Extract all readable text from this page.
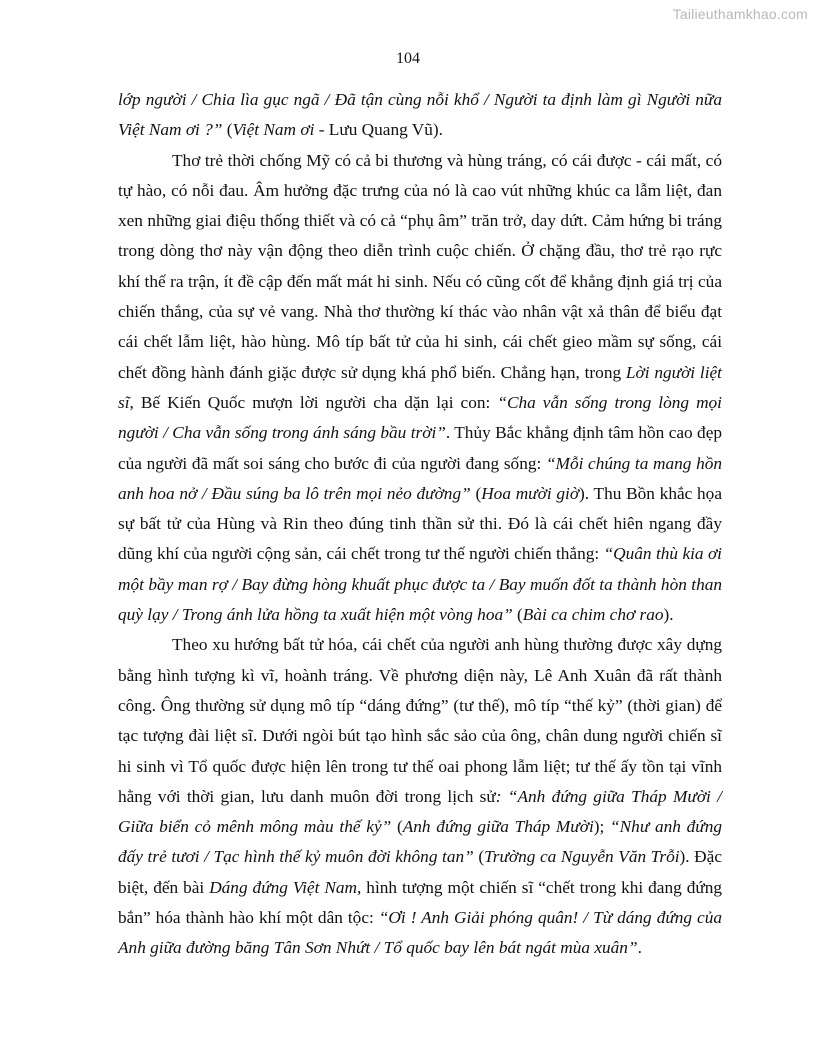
Tailieuthamkhao.com
104

lớp người / Chia lìa gục ngã / Đã tận cùng nỗi khổ / Người ta định làm gì Người nữa Việt Nam ơi ?” (Việt Nam ơi - Lưu Quang Vũ).

Thơ trẻ thời chống Mỹ có cả bi thương và hùng tráng, có cái được - cái mất, có tự hào, có nỗi đau. Âm hưởng đặc trưng của nó là cao vút những khúc ca lẫm liệt, đan xen những giai điệu thống thiết và có cả “phụ âm” trăn trở, day dứt. Cảm hứng bi tráng trong dòng thơ này vận động theo diễn trình cuộc chiến. Ở chặng đầu, thơ trẻ rạo rực khí thế ra trận, ít đề cập đến mất mát hi sinh. Nếu có cũng cốt để khẳng định giá trị của chiến thắng, của sự vẻ vang. Nhà thơ thường kí thác vào nhân vật xả thân để biểu đạt cái chết lẫm liệt, hào hùng. Mô típ bất tử của hi sinh, cái chết gieo mầm sự sống, cái chết đồng hành đánh giặc được sử dụng khá phổ biến. Chẳng hạn, trong Lời người liệt sĩ, Bế Kiến Quốc mượn lời người cha dặn lại con: “Cha vẫn sống trong lòng mọi người / Cha vẫn sống trong ánh sáng bầu trời”. Thủy Bắc khẳng định tâm hồn cao đẹp của người đã mất soi sáng cho bước đi của người đang sống: “Mỗi chúng ta mang hồn anh hoa nở / Đầu súng ba lô trên mọi nẻo đường” (Hoa mười giờ). Thu Bồn khắc họa sự bất tử của Hùng và Rin theo đúng tinh thần sử thi. Đó là cái chết hiên ngang đầy dũng khí của người cộng sản, cái chết trong tư thế người chiến thắng: “Quân thù kia ơi một bầy man rợ / Bay đừng hòng khuất phục được ta / Bay muốn đốt ta thành hòn than quỳ lạy / Trong ánh lửa hồng ta xuất hiện một vòng hoa” (Bài ca chim chơ rao).

Theo xu hướng bất tử hóa, cái chết của người anh hùng thường được xây dựng bằng hình tượng kì vĩ, hoành tráng. Về phương diện này, Lê Anh Xuân đã rất thành công. Ông thường sử dụng mô típ “dáng đứng” (tư thế), mô típ “thế kỷ” (thời gian) để tạc tượng đài liệt sĩ. Dưới ngòi bút tạo hình sắc sảo của ông, chân dung người chiến sĩ hi sinh vì Tổ quốc được hiện lên trong tư thế oai phong lẫm liệt; tư thế ấy tồn tại vĩnh hằng với thời gian, lưu danh muôn đời trong lịch sử: “Anh đứng giữa Tháp Mười / Giữa biển cỏ mênh mông màu thế kỷ” (Anh đứng giữa Tháp Mười); “Như anh đứng đấy trẻ tươi / Tạc hình thế kỷ muôn đời không tan” (Trường ca Nguyễn Văn Trỗi). Đặc biệt, đến bài Dáng đứng Việt Nam, hình tượng một chiến sĩ “chết trong khi đang đứng bắn” hóa thành hào khí một dân tộc: “Ơi ! Anh Giải phóng quân! / Từ dáng đứng của Anh giữa đường băng Tân Sơn Nhứt / Tổ quốc bay lên bát ngát mùa xuân”.
